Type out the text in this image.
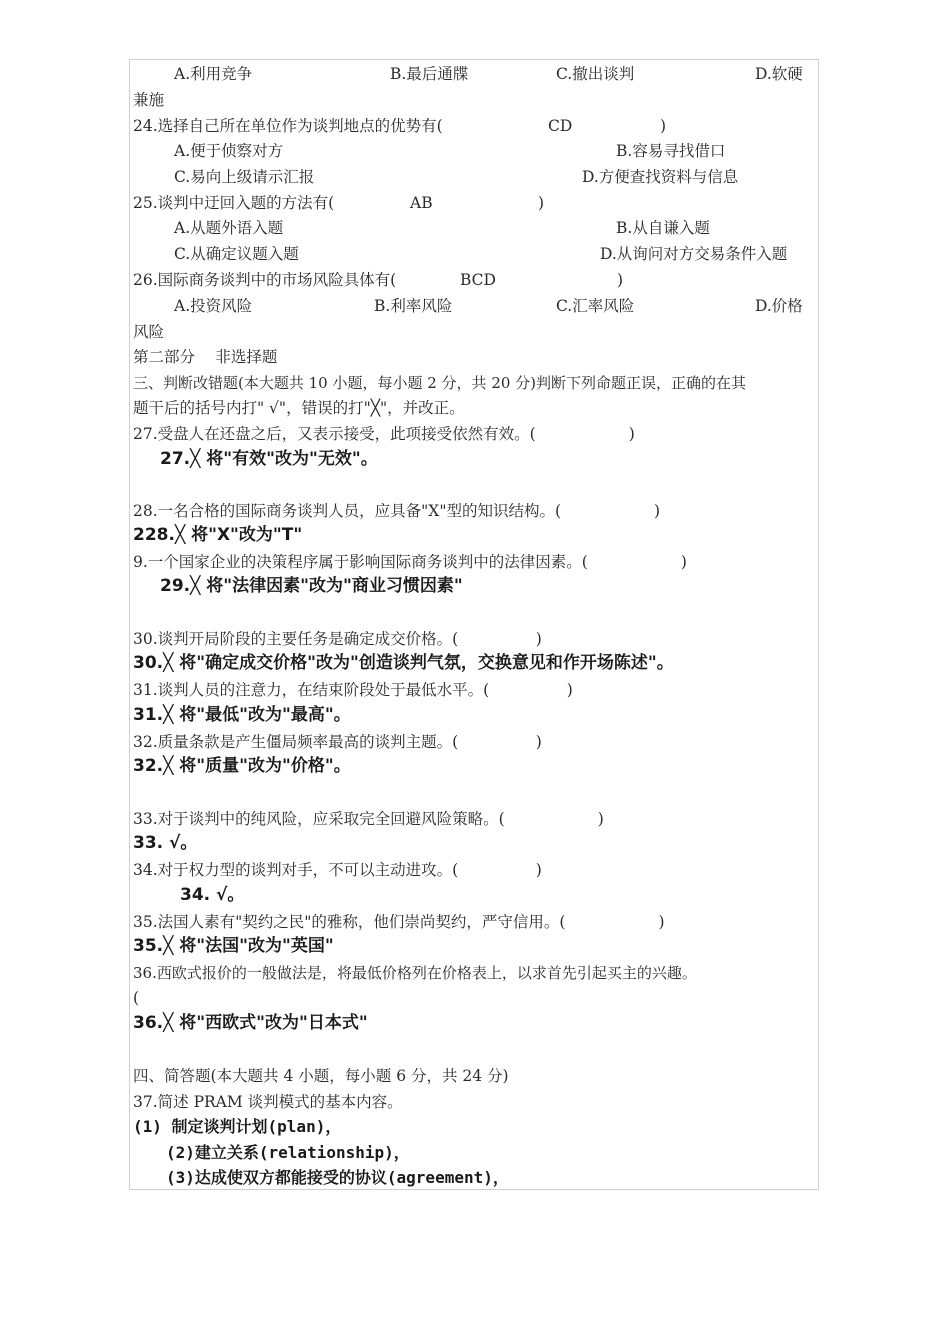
A.利用竞争	B.最后通牒	C.撤出谈判	D.软硬
兼施
24.选择自己所在单位作为谈判地点的优势有(	CD	)
A.便于侦察对方	B.容易寻找借口
C.易向上级请示汇报	D.方便查找资料与信息
25.谈判中迂回入题的方法有(	AB	)
A.从题外语入题	B.从自谦入题
C.从确定议题入题	D.从询问对方交易条件入题
26.国际商务谈判中的市场风险具体有(	BCD	)
A.投资风险	B.利率风险	C.汇率风险	D.价格
风险
第二部分　 非选择题
三、判断改错题(本大题共 10 小题，每小题 2 分，共 20 分)判断下列命题正误，正确的在其
题干后的括号内打" √"，错误的打"╳"，并改正。
27.受盘人在还盘之后，又表示接受，此项接受依然有效。(　　　　　　)
27.╳ 将"有效"改为"无效"。
28.一名合格的国际商务谈判人员，应具备"X"型的知识结构。(　　　　　　)
228.╳ 将"X"改为"T"
9.一个国家企业的决策程序属于影响国际商务谈判中的法律因素。(　　　　　　)
29.╳ 将"法律因素"改为"商业习惯因素"
30.谈判开局阶段的主要任务是确定成交价格。(　　　　　)
30.╳ 将"确定成交价格"改为"创造谈判气氛，交换意见和作开场陈述"。
31.谈判人员的注意力，在结束阶段处于最低水平。(　　　　　)
31.╳ 将"最低"改为"最高"。
32.质量条款是产生僵局频率最高的谈判主题。(　　　　　)
32.╳ 将"质量"改为"价格"。
33.对于谈判中的纯风险，应采取完全回避风险策略。(　　　　　　)
33. √。
34.对于权力型的谈判对手，不可以主动进攻。(　　　　　)
34. √。
35.法国人素有"契约之民"的雅称，他们崇尚契约，严守信用。(　　　　　　)
35.╳ 将"法国"改为"英国"
36.西欧式报价的一般做法是，将最低价格列在价格表上，以求首先引起买主的兴趣。
(
36.╳ 将"西欧式"改为"日本式"
四、简答题(本大题共 4 小题，每小题 6 分，共 24 分)
37.简述 PRAM 谈判模式的基本内容。
(1) 制定谈判计划(plan)，
(2)建立关系(relationship)，
(3)达成使双方都能接受的协议(agreement)，
